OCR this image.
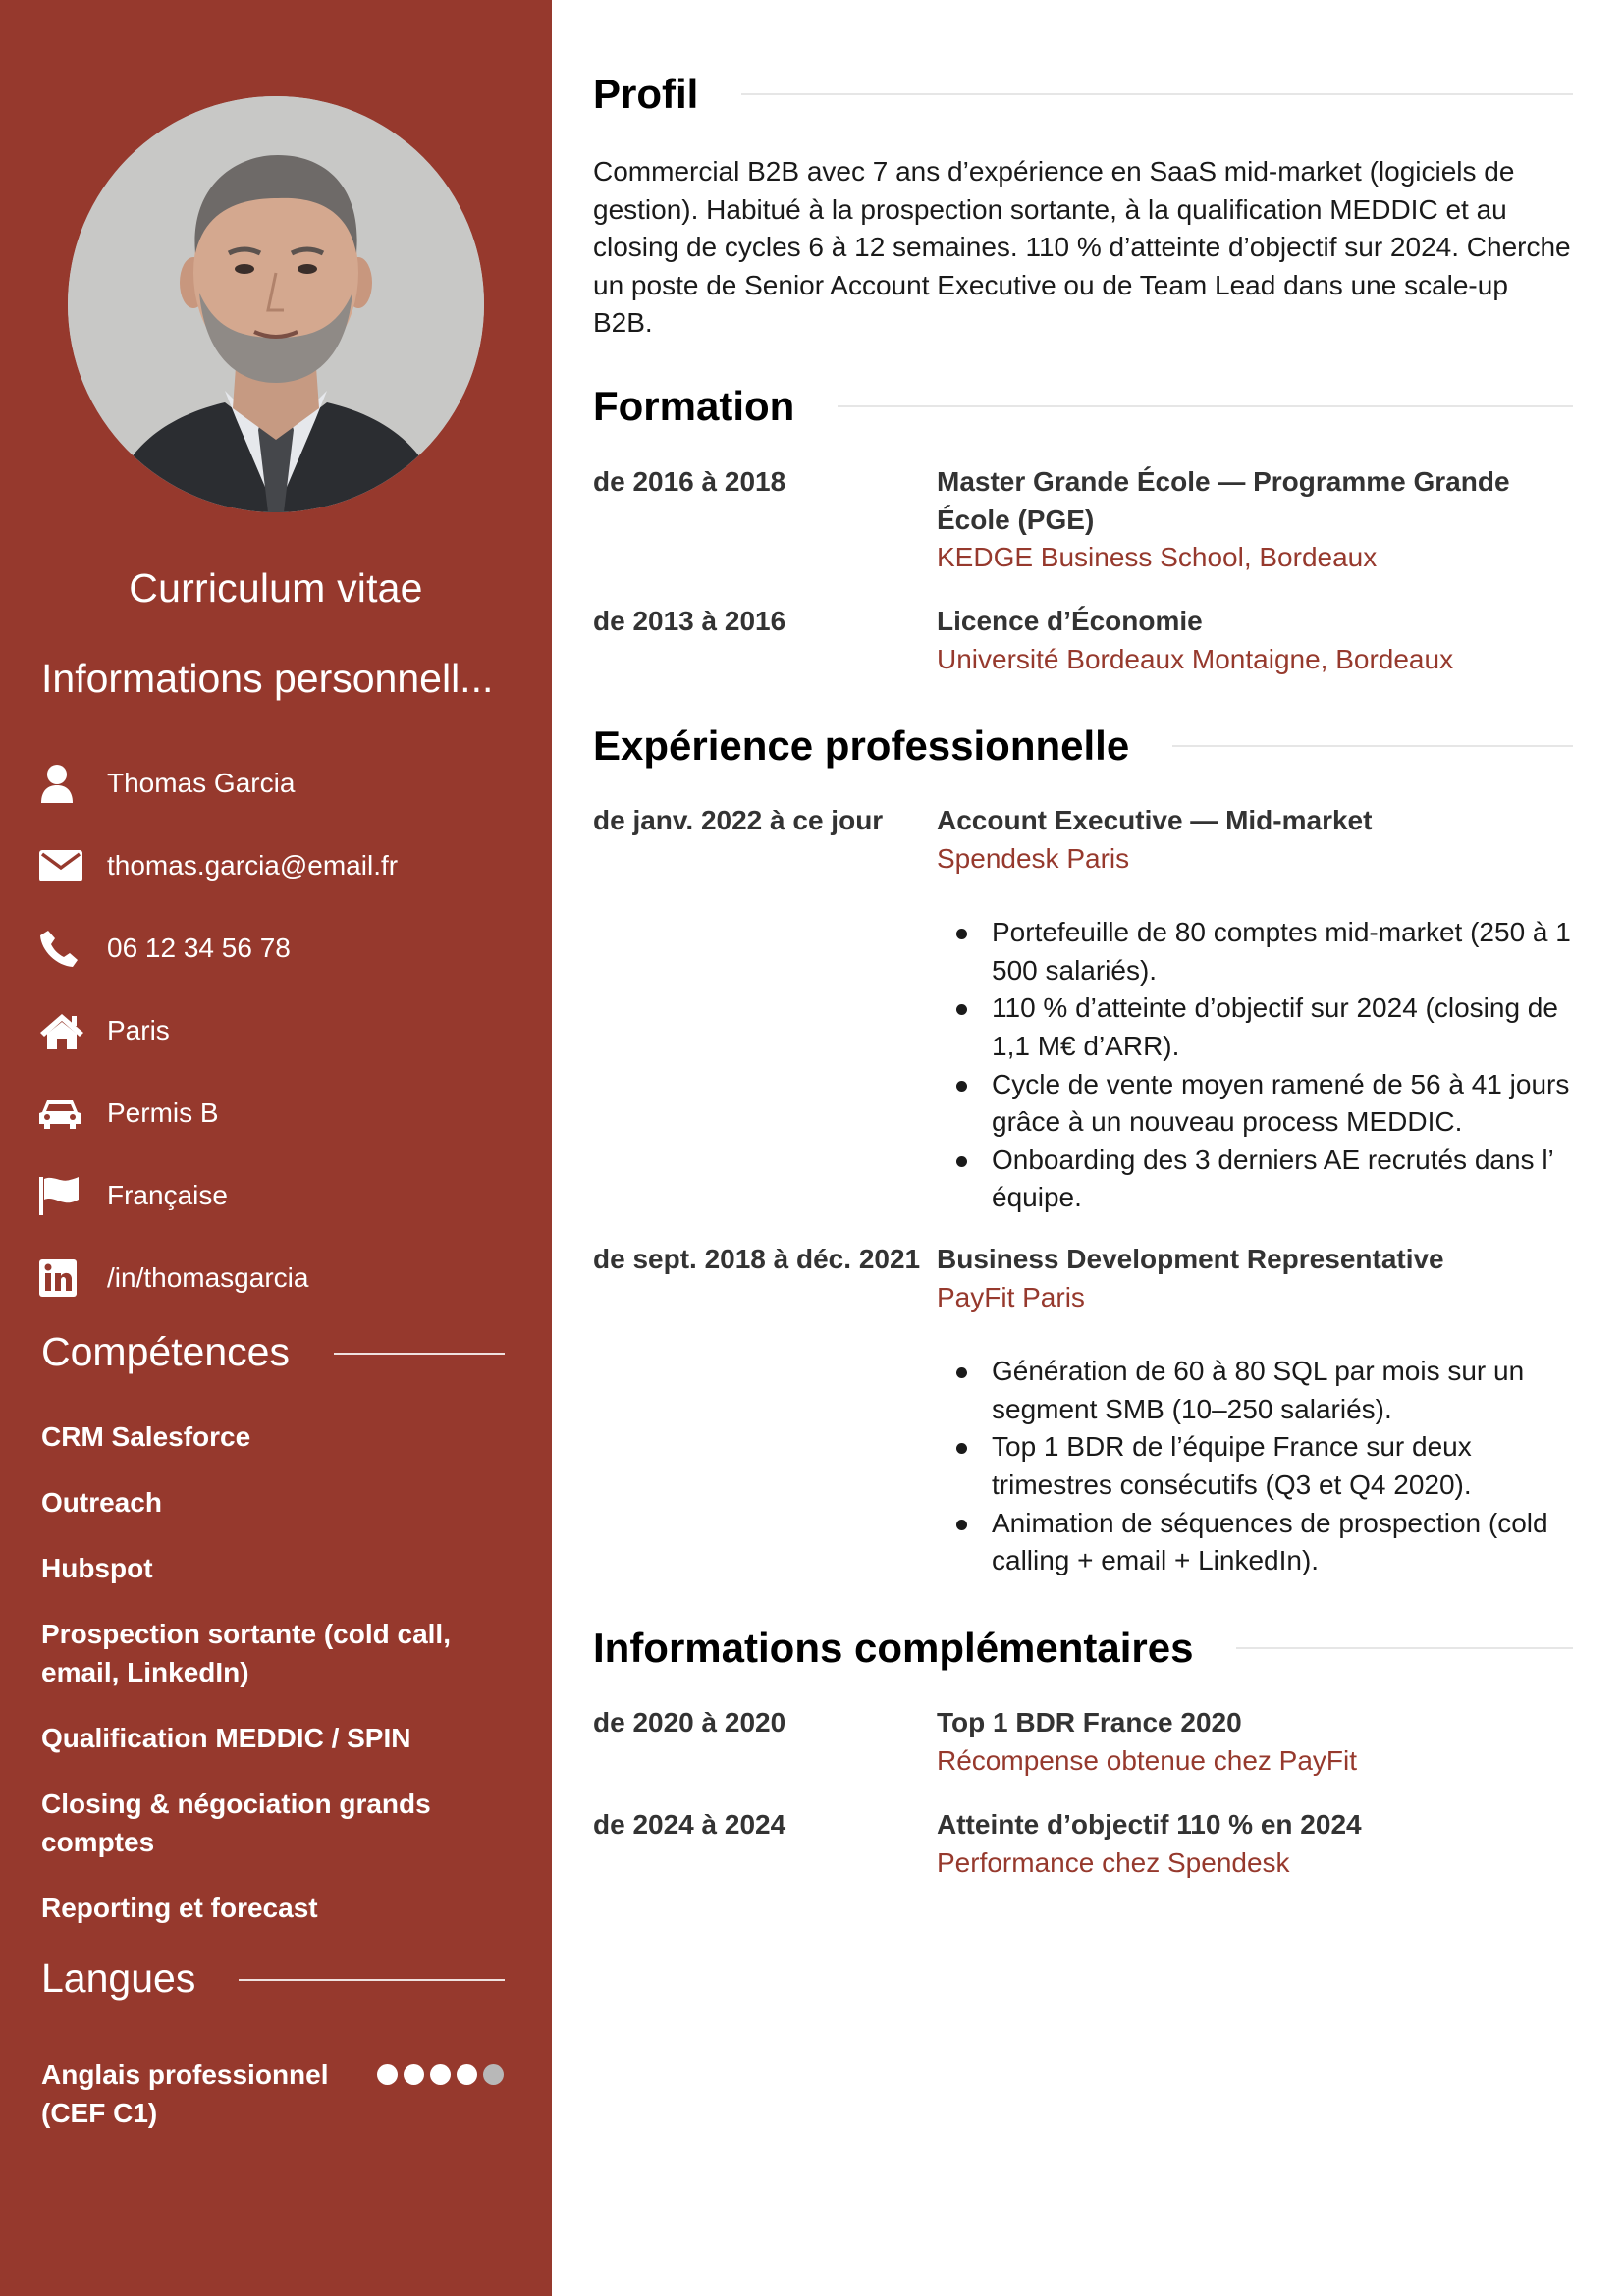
Curriculum vitae
Informations personnell...
Thomas Garcia
thomas.garcia@email.fr
06 12 34 56 78
Paris
Permis B
Française
/in/thomasgarcia
Compétences
CRM Salesforce
Outreach
Hubspot
Prospection sortante (cold call, email, LinkedIn)
Qualification MEDDIC / SPIN
Closing & négociation grands comptes
Reporting et forecast
Langues
Anglais professionnel (CEF C1)
Profil

Commercial B2B avec 7 ans d’expérience en SaaS mid-market (logiciels de gestion). Habitué à la prospection sortante, à la qualification MEDDIC et au closing de cycles 6 à 12 semaines. 110 % d’atteinte d’objectif sur 2024. Cherche un poste de Senior Account Executive ou de Team Lead dans une scale-up B2B.

Formation
de 2016 à 2018	Master Grande École — Programme Grande École (PGE)
KEDGE Business School, Bordeaux
de 2013 à 2016	Licence d’Économie
Université Bordeaux Montaigne, Bordeaux
Expérience professionnelle
de janv. 2022 à ce jour	Account Executive — Mid-market
Spendesk Paris
Portefeuille de 80 comptes mid-market (250 à 1 500 salariés).
110 % d’atteinte d’objectif sur 2024 (closing de 1,1 M€ d’ARR).
Cycle de vente moyen ramené de 56 à 41 jours grâce à un nouveau process MEDDIC.
Onboarding des 3 derniers AE recrutés dans l’ équipe.
de sept. 2018 à déc. 2021 Business Development Representative
PayFit Paris
Génération de 60 à 80 SQL par mois sur un segment SMB (10–250 salariés).
Top 1 BDR de l’équipe France sur deux trimestres consécutifs (Q3 et Q4 2020).
Animation de séquences de prospection (cold calling + email + LinkedIn).
Informations complémentaires
de 2020 à 2020	Top 1 BDR France 2020
Récompense obtenue chez PayFit
de 2024 à 2024	Atteinte d’objectif 110 % en 2024
Performance chez Spendesk
